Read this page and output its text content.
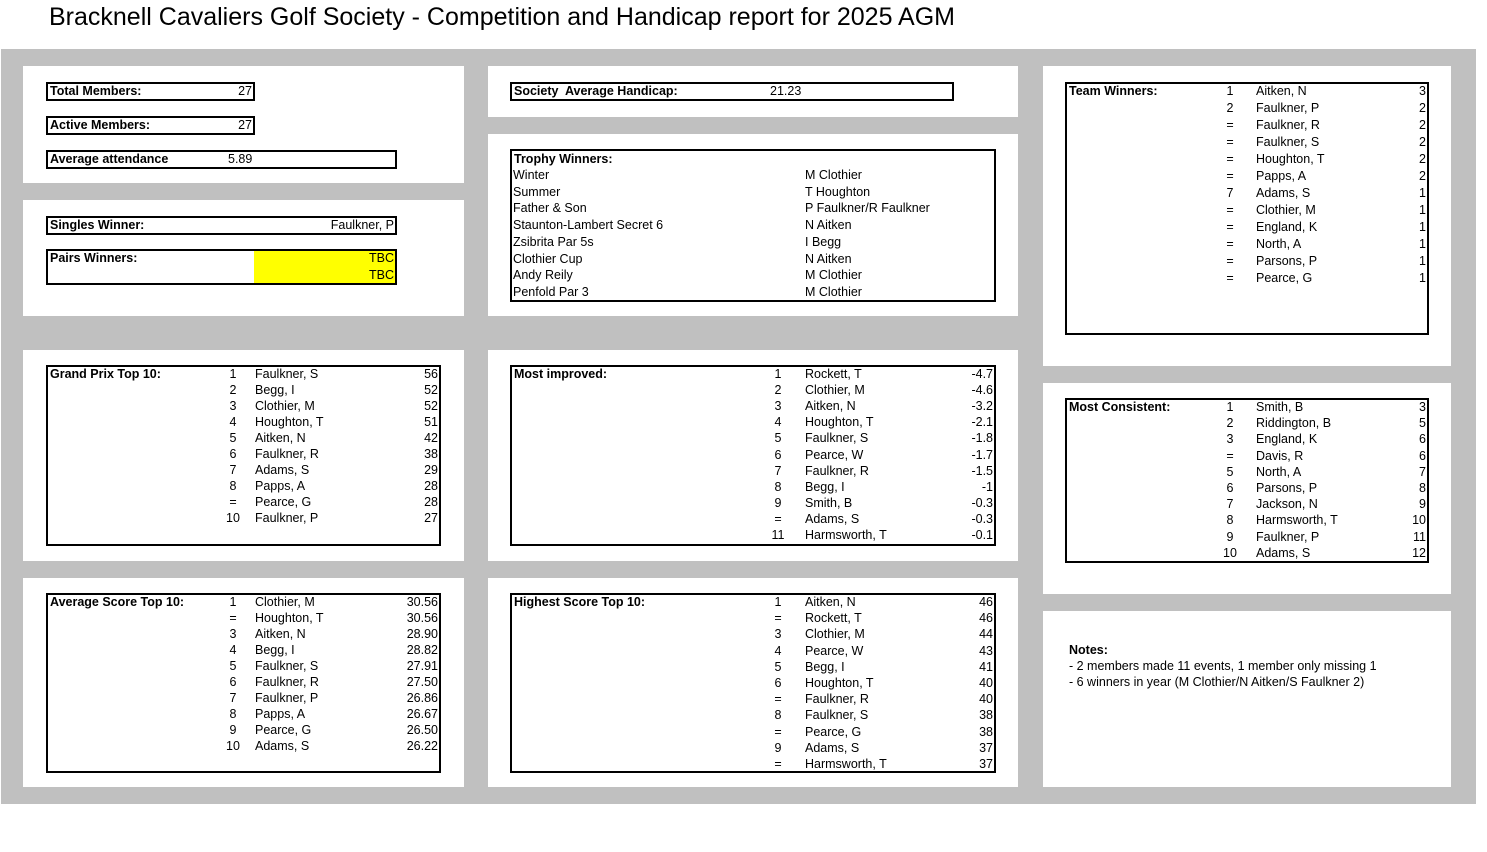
Bracknell Cavaliers Golf Society - Competition and Handicap report for 2025 AGM
Total Members:	27
Active Members:	27
Average attendance	5.89
Singles Winner:	Faulkner, P
Pairs Winners:	TBC
TBC
Society  Average Handicap:	21.23
Trophy Winners:
Winter	M Clothier
Summer	T Houghton
Father & Son	P Faulkner/R Faulkner
Staunton-Lambert Secret 6	N Aitken
Zsibrita Par 5s	I Begg
Clothier Cup	N Aitken
Andy Reily	M Clothier
Penfold Par 3	M Clothier
Team Winners:	1	Aitken, N	3
2	Faulkner, P	2
=	Faulkner, R	2
=	Faulkner, S	2
=	Houghton, T	2
=	Papps, A	2
7	Adams, S	1
=	Clothier, M	1
=	England, K	1
=	North, A	1
=	Parsons, P	1
=	Pearce, G	1
Grand Prix Top 10:	1	Faulkner, S	56
2	Begg, I	52
3	Clothier, M	52
4	Houghton, T	51
5	Aitken, N	42
6	Faulkner, R	38
7	Adams, S	29
8	Papps, A	28
=	Pearce, G	28
10 Faulkner, P	27
Most improved:	1	Rockett, T	-4.7
2	Clothier, M	-4.6
3	Aitken, N	-3.2
4	Houghton, T	-2.1
5	Faulkner, S	-1.8
6	Pearce, W	-1.7
7	Faulkner, R	-1.5
8	Begg, I	-1
9	Smith, B	-0.3
=	Adams, S	-0.3
11 Harmsworth, T	-0.1
Most Consistent:	1	Smith, B	3
2	Riddington, B	5
3	England, K	6
=	Davis, R	6
5	North, A	7
6	Parsons, P	8
7	Jackson, N	9
8	Harmsworth, T	10
9	Faulkner, P	11
10 Adams, S	12
Average Score Top 10:	1	Clothier, M	30.56
=	Houghton, T	30.56
3	Aitken, N	28.90
4	Begg, I	28.82
5	Faulkner, S	27.91
6	Faulkner, R	27.50
7	Faulkner, P	26.86
8	Papps, A	26.67
9	Pearce, G	26.50
10 Adams, S	26.22
Highest Score Top 10:	1	Aitken, N	46
=	Rockett, T	46
3	Clothier, M	44
4	Pearce, W	43
5	Begg, I	41
6	Houghton, T	40
=	Faulkner, R	40
8	Faulkner, S	38
=	Pearce, G	38
9	Adams, S	37
=	Harmsworth, T	37
Notes:
- 2 members made 11 events, 1 member only missing 1
- 6 winners in year (M Clothier/N Aitken/S Faulkner 2)
